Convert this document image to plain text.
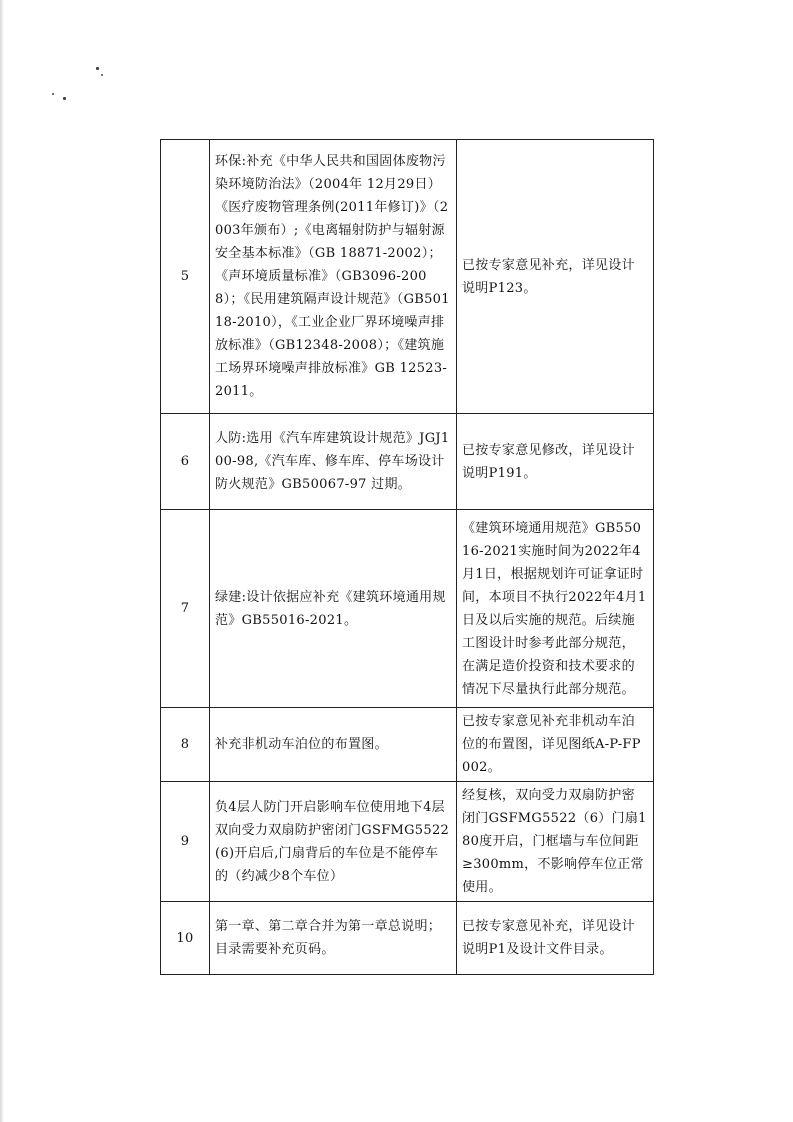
5	环保:补充《中华人民共和国固体废物污染环境防治法》（2004年 12月29日）《医疗废物管理条例(2011年修订)》（2003年颁布）;《电离辐射防护与辐射源安全基本标准》（GB 18871-2002）；《声环境质量标准》（GB3096-2008）；《民用建筑隔声设计规范》（GB50118-2010），《工业企业厂界环境噪声排放标准》（GB12348-2008）；《建筑施工场界环境噪声排放标准》GB 12523-2011。	已按专家意见补充，详见设计说明P123。
6	人防:选用《汽车库建筑设计规范》JGJ100-98,《汽车库、修车库、停车场设计防火规范》GB50067-97 过期。	已按专家意见修改，详见设计说明P191。
7	绿建:设计依据应补充《建筑环境通用规范》GB55016-2021。	《建筑环境通用规范》GB55016-2021实施时间为2022年4月1日，根据规划许可证拿证时间，本项目不执行2022年4月1日及以后实施的规范。后续施工图设计时参考此部分规范，在满足造价投资和技术要求的情况下尽量执行此部分规范。
8	补充非机动车泊位的布置图。	已按专家意见补充非机动车泊位的布置图，详见图纸A-P-FP002。
9	负4层人防门开启影响车位使用地下4层双向受力双扇防护密闭门GSFMG5522(6)开启后,门扇背后的车位是不能停车的（约减少8个车位）	经复核，双向受力双扇防护密闭门GSFMG5522（6）门扇180度开启，门框墙与车位间距≥300mm，不影响停车位正常使用。
10	第一章、第二章合并为第一章总说明；目录需要补充页码。	已按专家意见补充，详见设计说明P1及设计文件目录。
